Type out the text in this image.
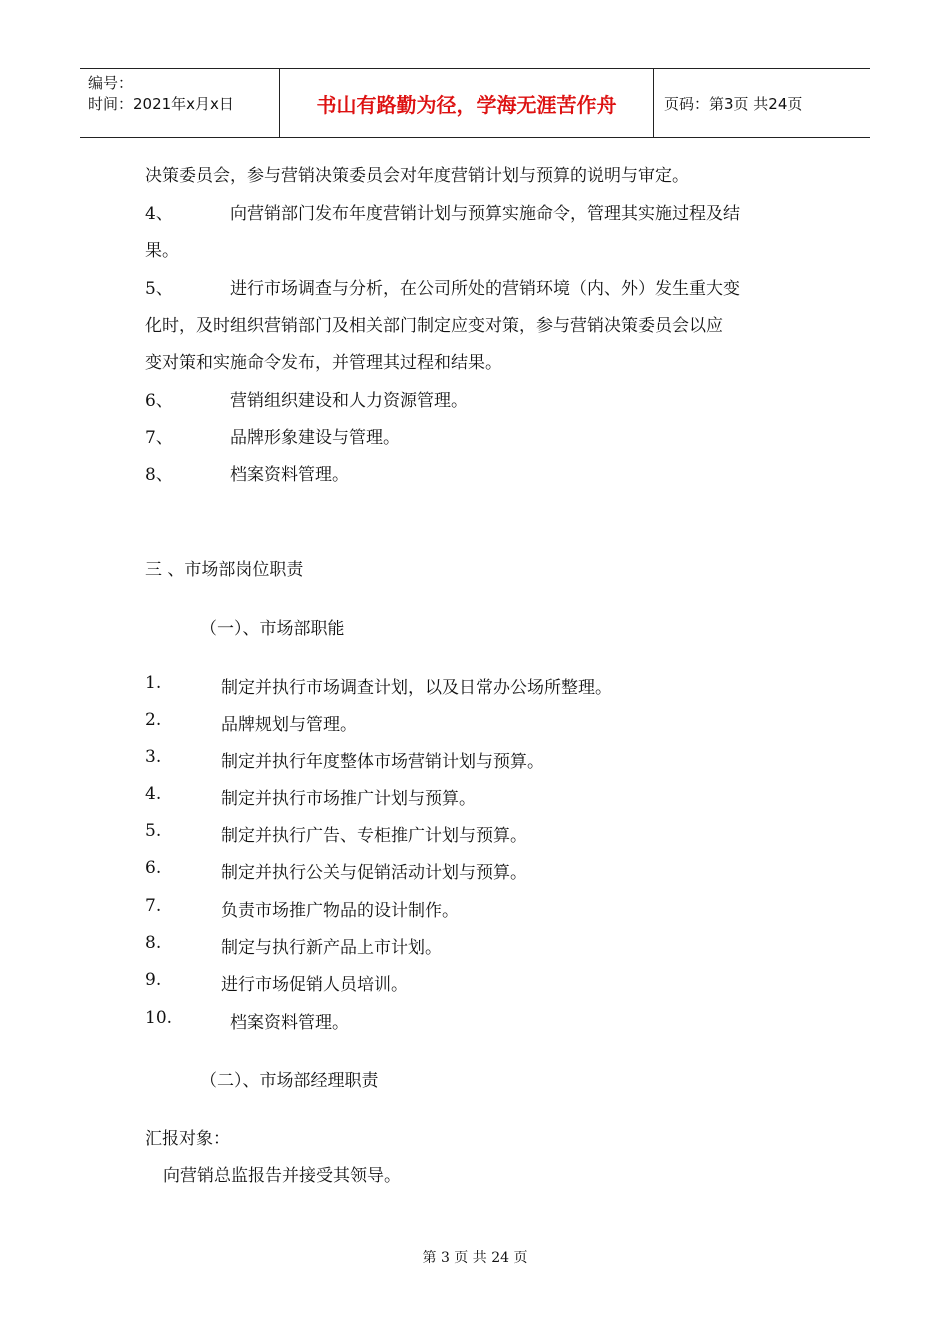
编号：
时间：2021年x月x日	书山有路勤为径，学海无涯苦作舟	页码：第3页 共24页
决策委员会，参与营销决策委员会对年度营销计划与预算的说明与审定。
4、	向营销部门发布年度营销计划与预算实施命令，管理其实施过程及结
果。
5、	进行市场调查与分析，在公司所处的营销环境（内、外）发生重大变
化时，及时组织营销部门及相关部门制定应变对策，参与营销决策委员会以应
变对策和实施命令发布，并管理其过程和结果。
6、	营销组织建设和人力资源管理。
7、	品牌形象建设与管理。
8、	档案资料管理。
三 、市场部岗位职责
（一）、市场部职能
1.	制定并执行市场调查计划，以及日常办公场所整理。
2.	品牌规划与管理。
3.	制定并执行年度整体市场营销计划与预算。
4.	制定并执行市场推广计划与预算。
5.	制定并执行广告、专柜推广计划与预算。
6.	制定并执行公关与促销活动计划与预算。
7.	负责市场推广物品的设计制作。
8.	制定与执行新产品上市计划。
9.	进行市场促销人员培训。
10.	档案资料管理。
（二）、市场部经理职责
汇报对象：
向营销总监报告并接受其领导。
第 3 页 共 24 页
